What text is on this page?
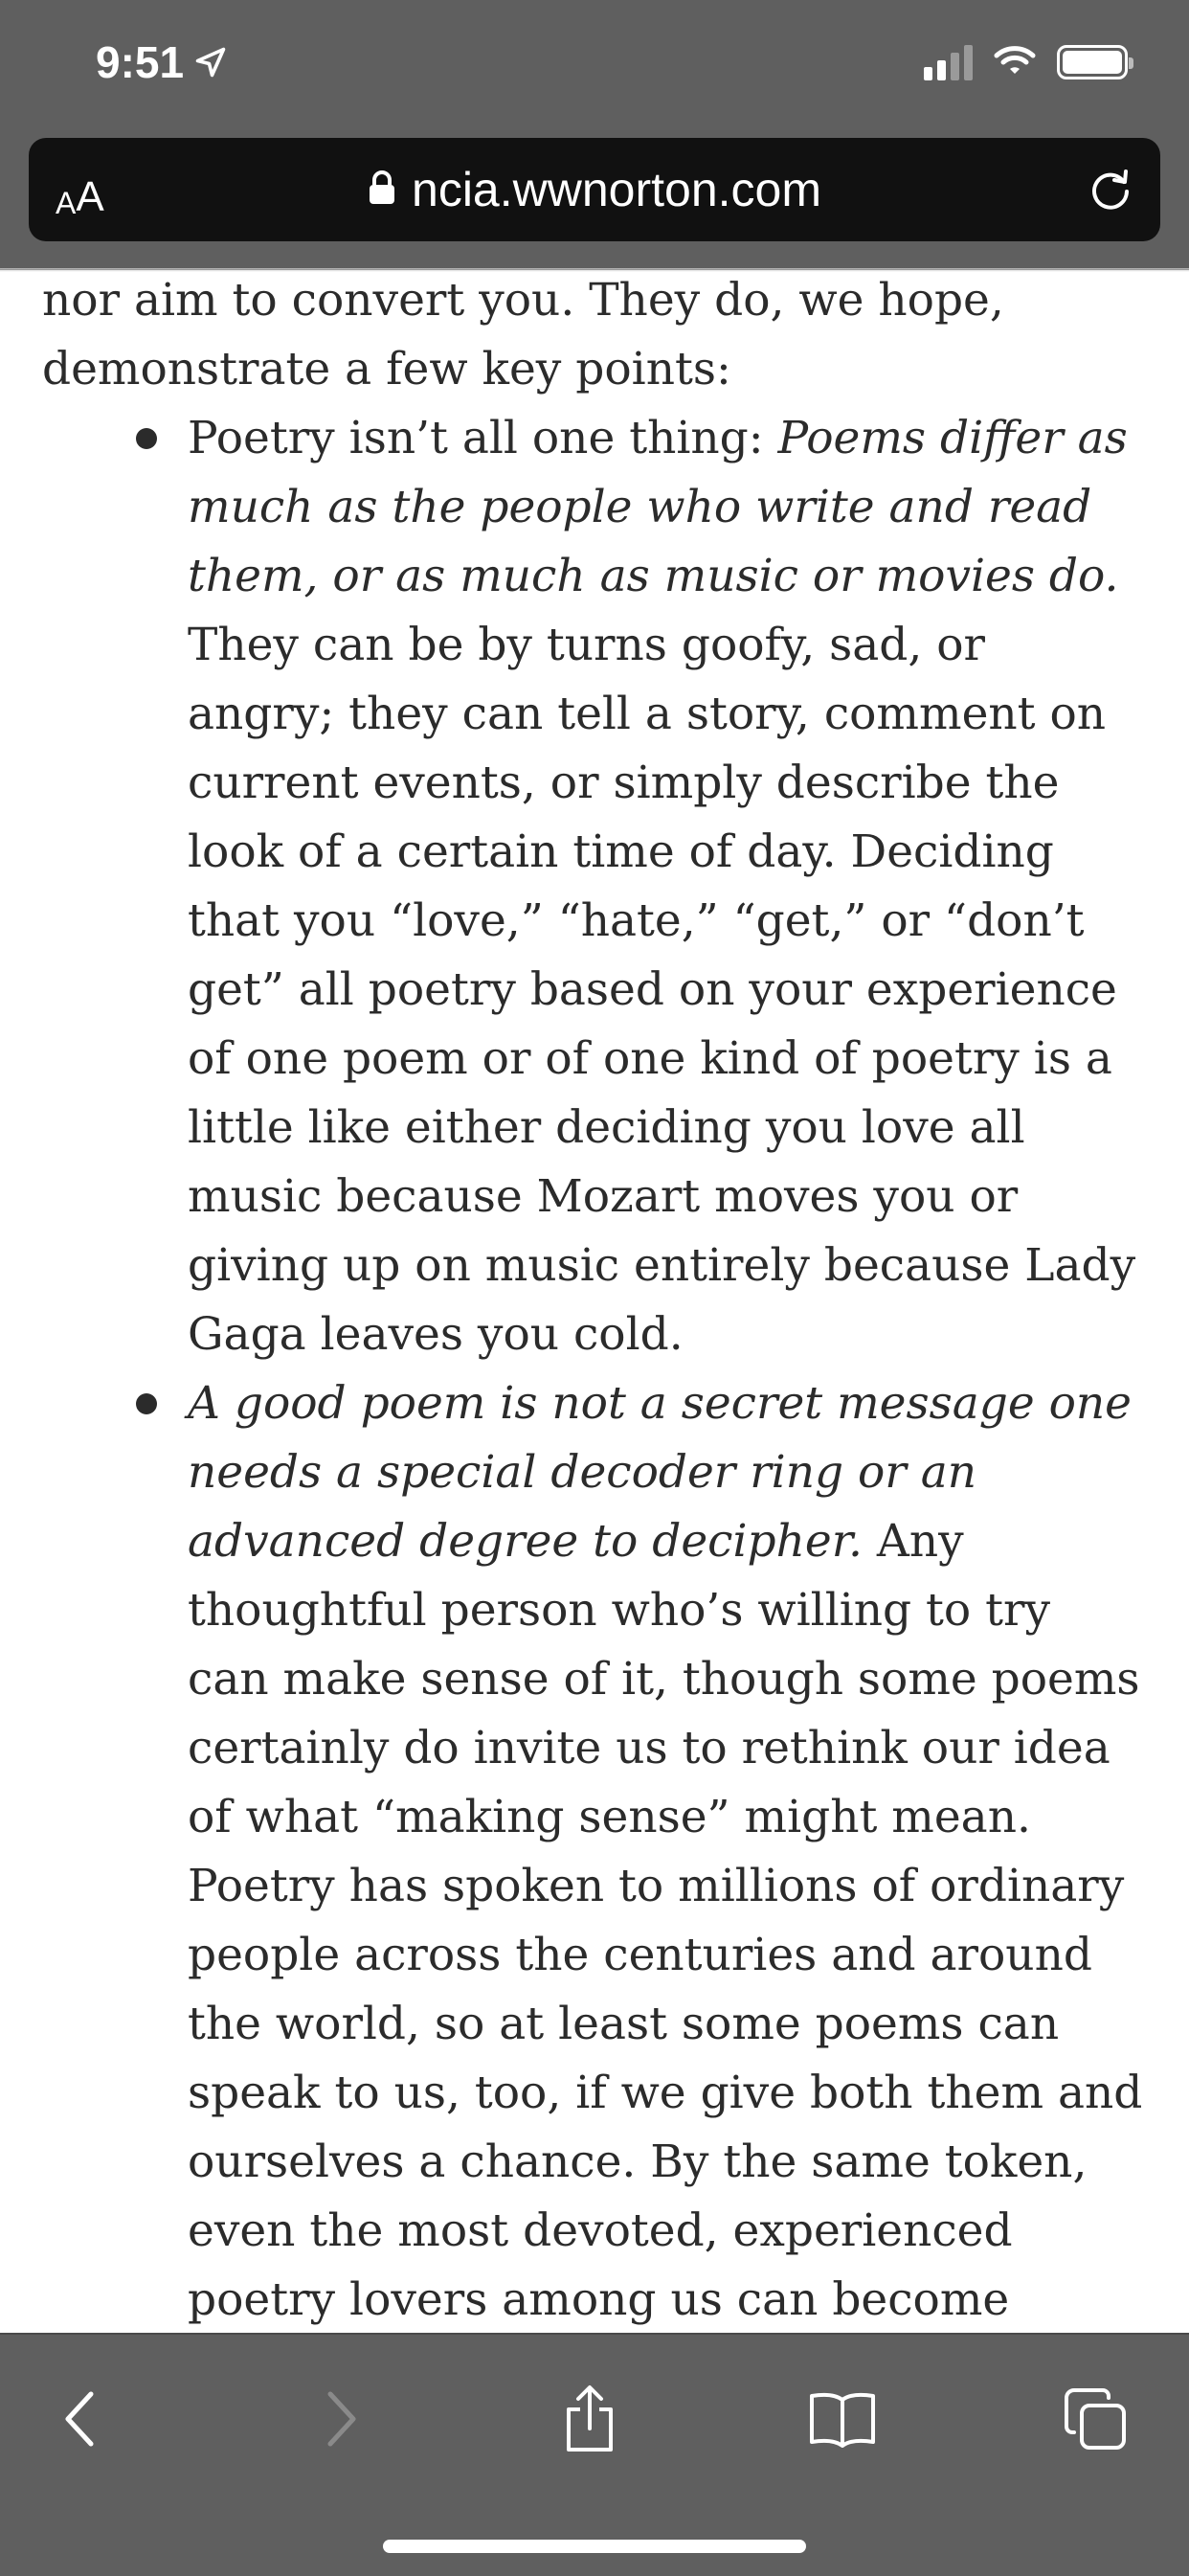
9:51
A A	ncia.wwnorton.com

nor aim to convert you. They do, we hope, demonstrate a few key points:

Poetry isn’t all one thing: Poems differ as much as the people who write and read them, or as much as music or movies do. They can be by turns goofy, sad, or angry; they can tell a story, comment on current events, or simply describe the look of a certain time of day. Deciding that you “love,” “hate,” “get,” or “don’t get” all poetry based on your experience of one poem or of one kind of poetry is a little like either deciding you love all music because Mozart moves you or giving up on music entirely because Lady Gaga leaves you cold.
A good poem is not a secret message one needs a special decoder ring or an advanced degree to decipher. Any thoughtful person who’s willing to try can make sense of it, though some poems certainly do invite us to rethink our idea of what “making sense” might mean. Poetry has spoken to millions of ordinary people across the centuries and around the world, so at least some poems can speak to us, too, if we give both them and ourselves a chance. By the same token, even the most devoted, experienced poetry lovers among us can become
